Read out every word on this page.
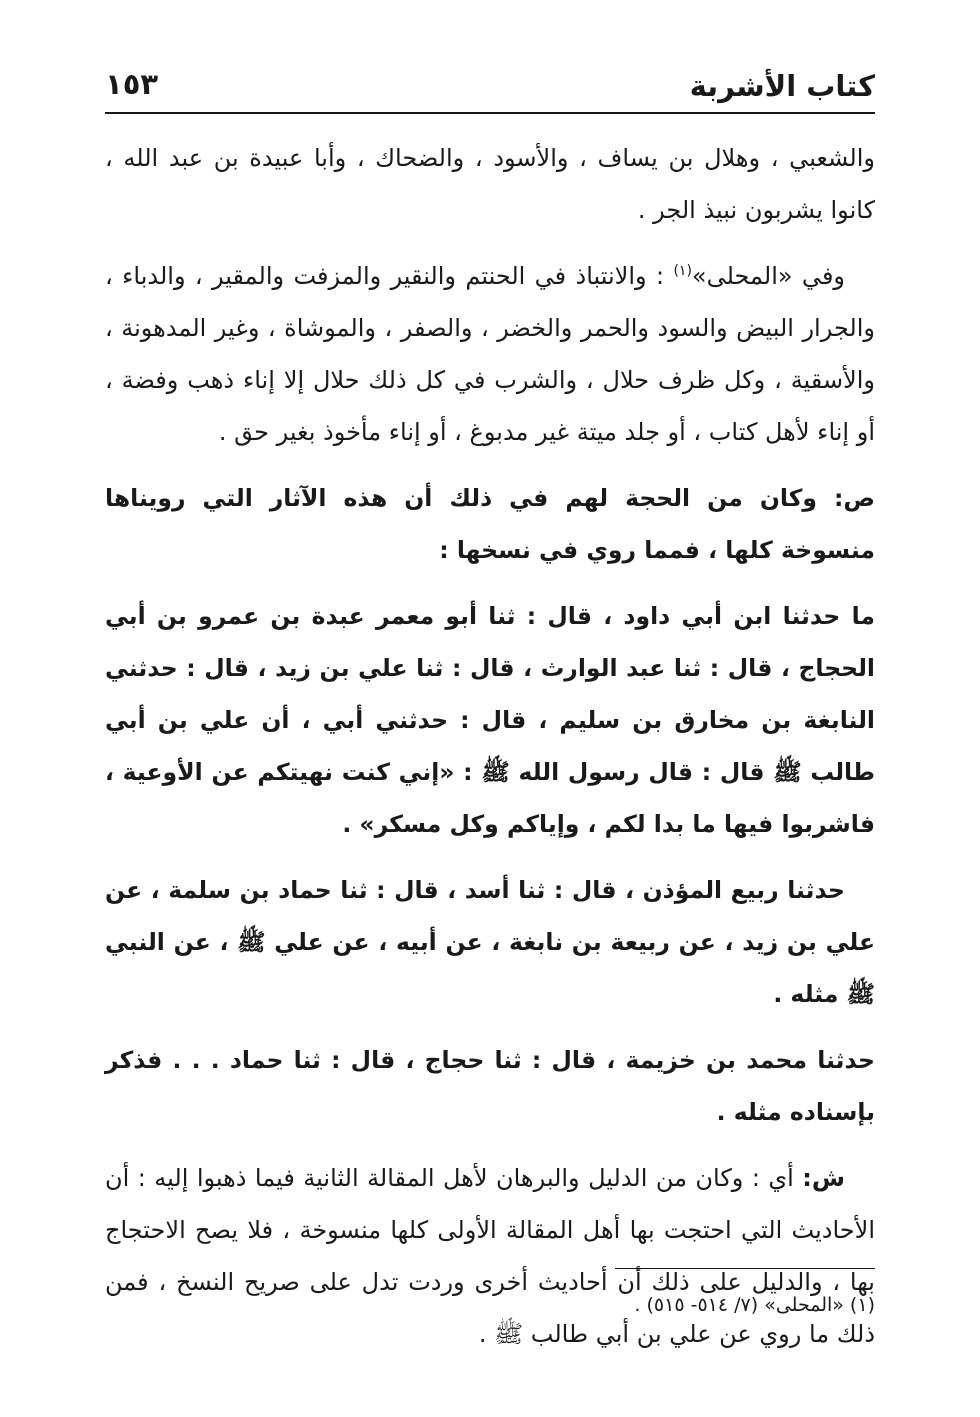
كتاب الأشربة
١٥٣

والشعبي ، وهلال بن يساف ، والأسود ، والضحاك ، وأبا عبيدة بن عبد الله ، كانوا يشربون نبيذ الجر .

وفي «المحلى»$^{(١)}$ : والانتباذ في الحنتم والنقير والمزفت والمقير ، والدباء ، والجرار البيض والسود والحمر والخضر ، والصفر ، والموشاة ، وغير المدهونة ، والأسقية ، وكل ظرف حلال ، والشرب في كل ذلك حلال إلا إناء ذهب وفضة ، أو إناء لأهل كتاب ، أو جلد ميتة غير مدبوغ ، أو إناء مأخوذ بغير حق .

ص: وكان من الحجة لهم في ذلك أن هذه الآثار التي رويناها منسوخة كلها ، فمما روي في نسخها :

ما حدثنا ابن أبي داود ، قال : ثنا أبو معمر عبدة بن عمرو بن أبي الحجاج ، قال : ثنا عبد الوارث ، قال : ثنا علي بن زيد ، قال : حدثني النابغة بن مخارق بن سليم ، قال : حدثني أبي ، أن علي بن أبي طالب ﷺ قال : قال رسول الله ﷺ : «إني كنت نهيتكم عن الأوعية ، فاشربوا فيها ما بدا لكم ، وإياكم وكل مسكر» .

حدثنا ربيع المؤذن ، قال : ثنا أسد ، قال : ثنا حماد بن سلمة ، عن علي بن زيد ، عن ربيعة بن نابغة ، عن أبيه ، عن علي ﷺ ، عن النبي ﷺ مثله .

حدثنا محمد بن خزيمة ، قال : ثنا حجاج ، قال : ثنا حماد . . . فذكر بإسناده مثله .

ش: أي : وكان من الدليل والبرهان لأهل المقالة الثانية فيما ذهبوا إليه : أن الأحاديث التي احتجت بها أهل المقالة الأولى كلها منسوخة ، فلا يصح الاحتجاج بها ، والدليل على ذلك أن أحاديث أخرى وردت تدل على صريح النسخ ، فمن ذلك ما روي عن علي بن أبي طالب ﷺ .

(١) «المحلى» (٧/ ٥١٤- ٥١٥) .
